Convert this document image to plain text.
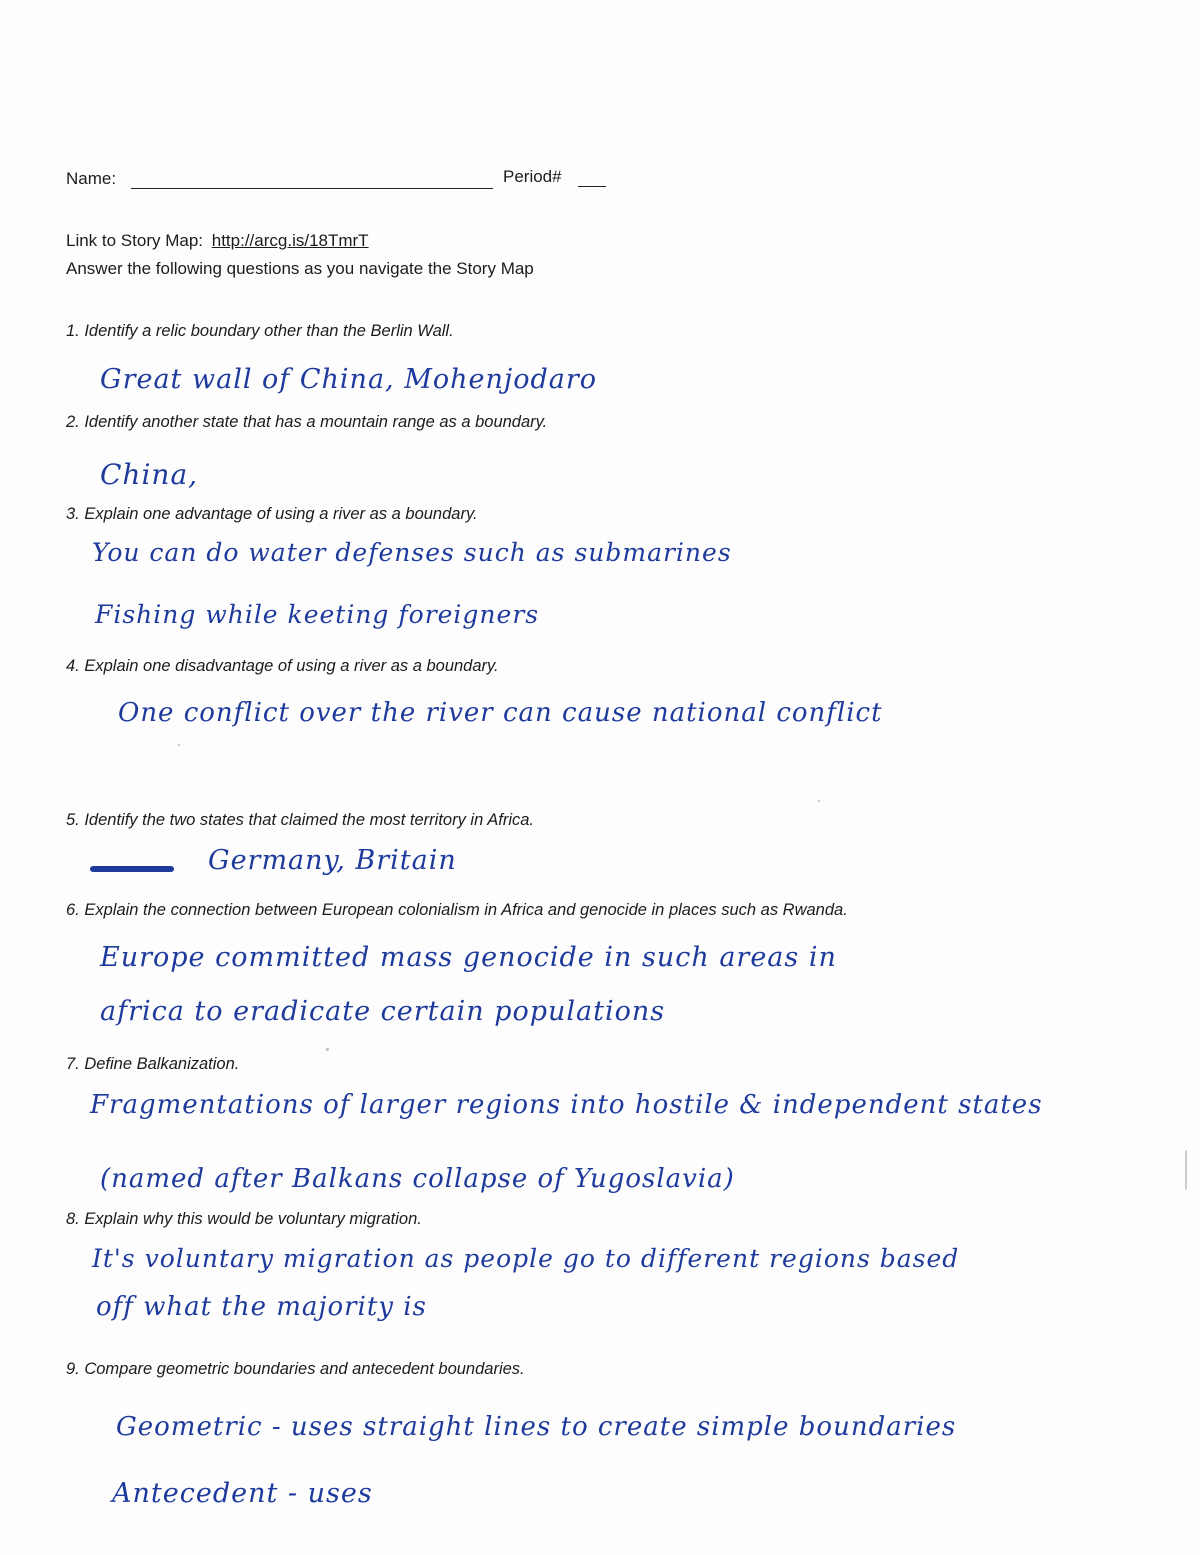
Name:	Period#
Link to Story Map: http://arcg.is/18TmrT
Answer the following questions as you navigate the Story Map
1. Identify a relic boundary other than the Berlin Wall.
Great wall of China, Mohenjodaro
2. Identify another state that has a mountain range as a boundary.
China,
3. Explain one advantage of using a river as a boundary.
You can do water defenses such as submarines
Fishing while keeting foreigners
4. Explain one disadvantage of using a river as a boundary.
One conflict over the river can cause national conflict
5. Identify the two states that claimed the most territory in Africa.
Germany, Britain
6. Explain the connection between European colonialism in Africa and genocide in places such as Rwanda.
Europe committed mass genocide in such areas in
africa to eradicate certain populations
7. Define Balkanization.
Fragmentations of larger regions into hostile & independent states
(named after Balkans collapse of Yugoslavia)
8. Explain why this would be voluntary migration.
It's voluntary migration as people go to different regions based
off what the majority is
9. Compare geometric boundaries and antecedent boundaries.
Geometric - uses straight lines to create simple boundaries
Antecedent - uses
